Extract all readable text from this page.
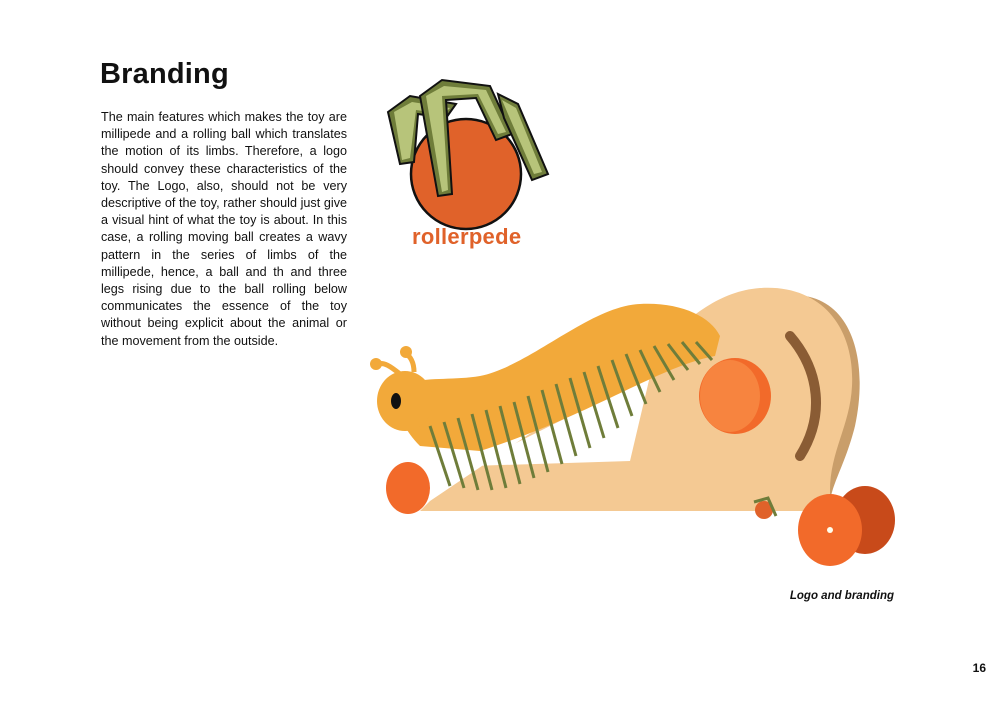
Branding

The main features which makes the toy are millipede and a rolling ball which translates the motion of its limbs. Therefore, a logo should convey these characteristics of the toy. The Logo, also, should not be very descriptive of the toy, rather should just give a visual hint of what the toy is about. In this case, a rolling moving ball creates a wavy pattern in the series of limbs of the millipede, hence, a ball and th and three legs rising due to the ball rolling below communicates the essence of the toy without being explicit about the animal or the movement from the outside.

rollerpede
Logo and branding
16
